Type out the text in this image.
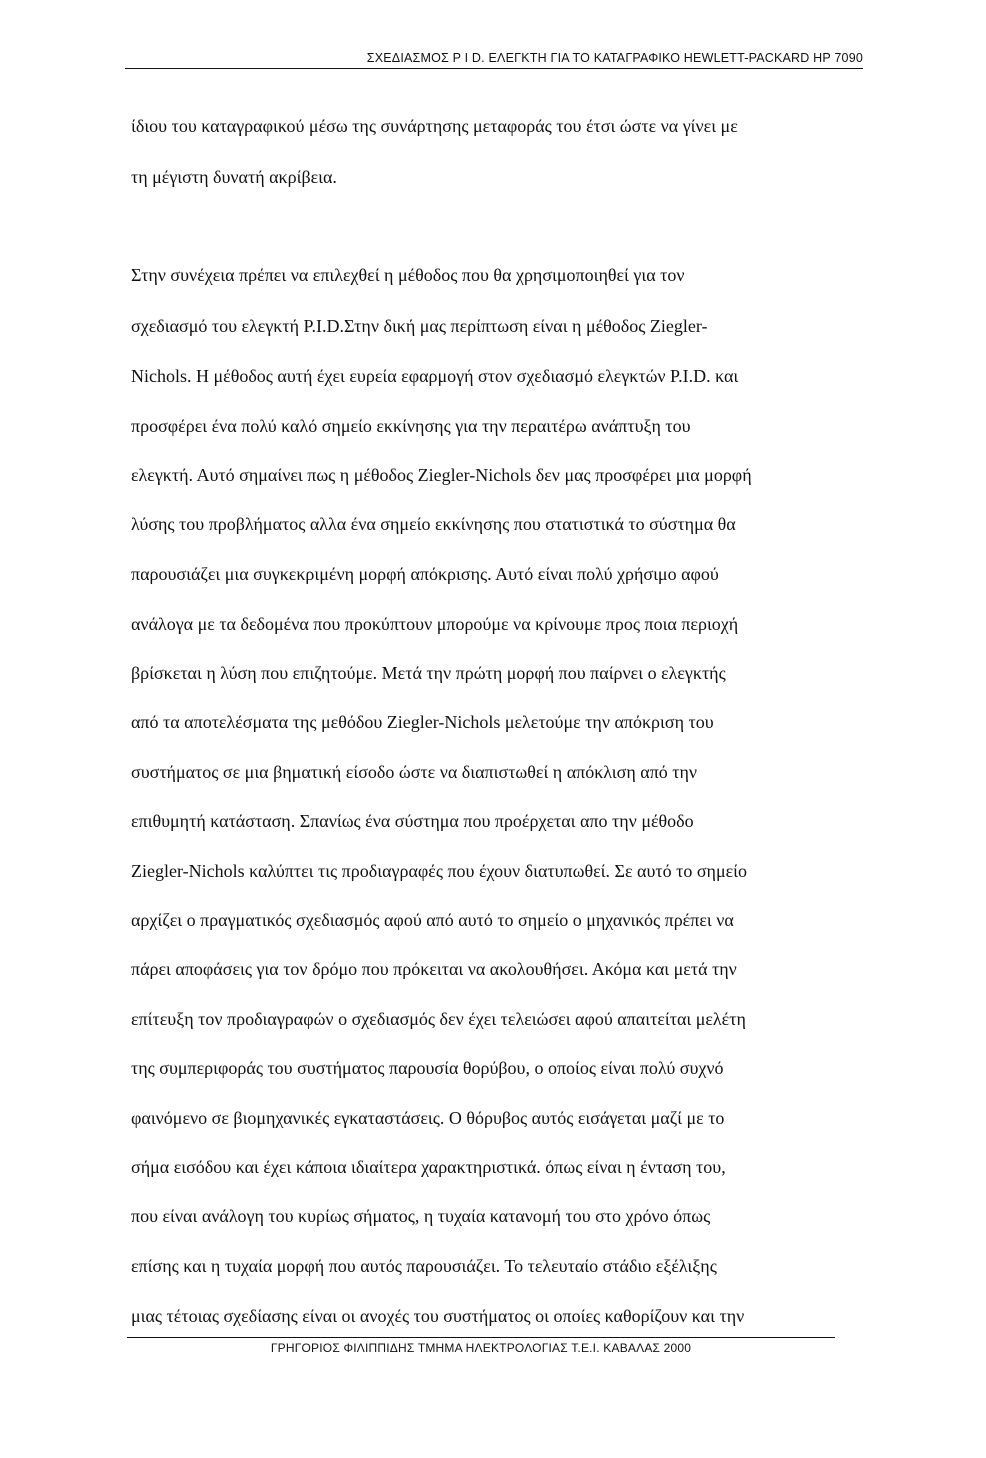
ΣΧΕΔΙΑΣΜΟΣ P I D. ΕΛΕΓΚΤΗ ΓΙΑ ΤΟ ΚΑΤΑΓΡΑΦΙΚΟ HEWLETT-PACKARD HP 7090
ίδιου του καταγραφικού μέσω της συνάρτησης μεταφοράς του έτσι ώστε να γίνει με
τη μέγιστη δυνατή ακρίβεια.
Στην συνέχεια πρέπει να επιλεχθεί η μέθοδος που θα χρησιμοποιηθεί για τον
σχεδιασμό του ελεγκτή P.I.D.Στην δική μας περίπτωση είναι η μέθοδος Ziegler-
Nichols. Η μέθοδος αυτή έχει ευρεία εφαρμογή στον σχεδιασμό ελεγκτών P.I.D. και
προσφέρει ένα πολύ καλό σημείο εκκίνησης για την περαιτέρω ανάπτυξη του
ελεγκτή. Αυτό σημαίνει πως η μέθοδος Ziegler-Nichols δεν μας προσφέρει μια μορφή
λύσης του προβλήματος αλλα ένα σημείο εκκίνησης που στατιστικά το σύστημα θα
παρουσιάζει μια συγκεκριμένη μορφή απόκρισης. Αυτό είναι πολύ χρήσιμο αφού
ανάλογα με τα δεδομένα που προκύπτουν μπορούμε να κρίνουμε προς ποια περιοχή
βρίσκεται η λύση που επιζητούμε. Μετά την πρώτη μορφή που παίρνει ο ελεγκτής
από τα αποτελέσματα της μεθόδου Ziegler-Nichols μελετούμε την απόκριση του
συστήματος σε μια βηματική είσοδο ώστε να διαπιστωθεί η απόκλιση από την
επιθυμητή κατάσταση. Σπανίως ένα σύστημα που προέρχεται απο την μέθοδο
Ziegler-Nichols καλύπτει τις προδιαγραφές που έχουν διατυπωθεί. Σε αυτό το σημείο
αρχίζει ο πραγματικός σχεδιασμός αφού από αυτό το σημείο ο μηχανικός πρέπει να
πάρει αποφάσεις για τον δρόμο που πρόκειται να ακολουθήσει. Ακόμα και μετά την
επίτευξη τον προδιαγραφών ο σχεδιασμός δεν έχει τελειώσει αφού απαιτείται μελέτη
της συμπεριφοράς του συστήματος παρουσία θορύβου, ο οποίος είναι πολύ συχνό
φαινόμενο σε βιομηχανικές εγκαταστάσεις. Ο θόρυβος αυτός εισάγεται μαζί με το
σήμα εισόδου και έχει κάποια ιδιαίτερα χαρακτηριστικά. όπως είναι η ένταση του,
που είναι ανάλογη του κυρίως σήματος, η τυχαία κατανομή του στο χρόνο όπως
επίσης και η τυχαία μορφή που αυτός παρουσιάζει. Το τελευταίο στάδιο εξέλιξης
μιας τέτοιας σχεδίασης είναι οι ανοχές του συστήματος οι οποίες καθορίζουν και την
ΓΡΗΓΟΡΙΟΣ ΦΙΛΙΠΠΙΔΗΣ ΤΜΗΜΑ ΗΛΕΚΤΡΟΛΟΓΙΑΣ Τ.Ε.Ι. ΚΑΒΑΛΑΣ 2000
